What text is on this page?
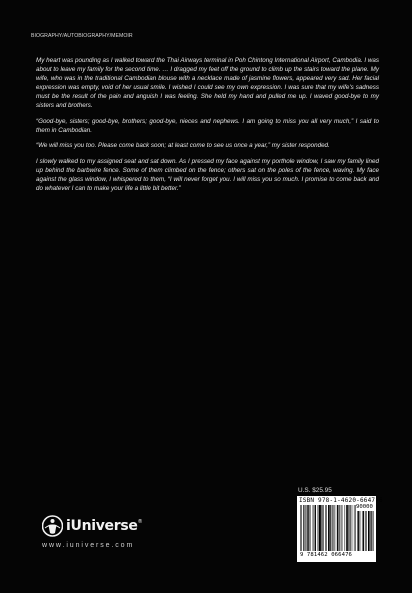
BIOGRAPHY/AUTOBIOGRAPHY/MEMOIR

My heart was pounding as I walked toward the Thai Airways terminal in Poh Chintong International Airport, Cambodia. I was about to leave my family for the second time. … I dragged my feet off the ground to climb up the stairs toward the plane. My wife, who was in the traditional Cambodian blouse with a necklace made of jasmine flowers, appeared very sad. Her facial expression was empty, void of her usual smile. I wished I could see my own expression. I was sure that my wife's sadness must be the result of the pain and anguish I was feeling. She held my hand and pulled me up. I waved good-bye to my sisters and brothers.

“Good-bye, sisters; good-bye, brothers; good-bye, nieces and nephews. I am going to miss you all very much,” I said to them in Cambodian.

“We will miss you too. Please come back soon; at least come to see us once a year,” my sister responded.

I slowly walked to my assigned seat and sat down. As I pressed my face against my porthole window, I saw my family lined up behind the barbwire fence. Some of them climbed on the fence; others sat on the poles of the fence, waving. My face against the glass window, I whispered to them, “I will never forget you. I will miss you so much. I promise to come back and do whatever I can to make your life a little bit better.”

iUniverse®
www.iuniverse.com
U.S. $25.95
ISBN 978-1-4620-6647-6
90000
9 781462 066476
